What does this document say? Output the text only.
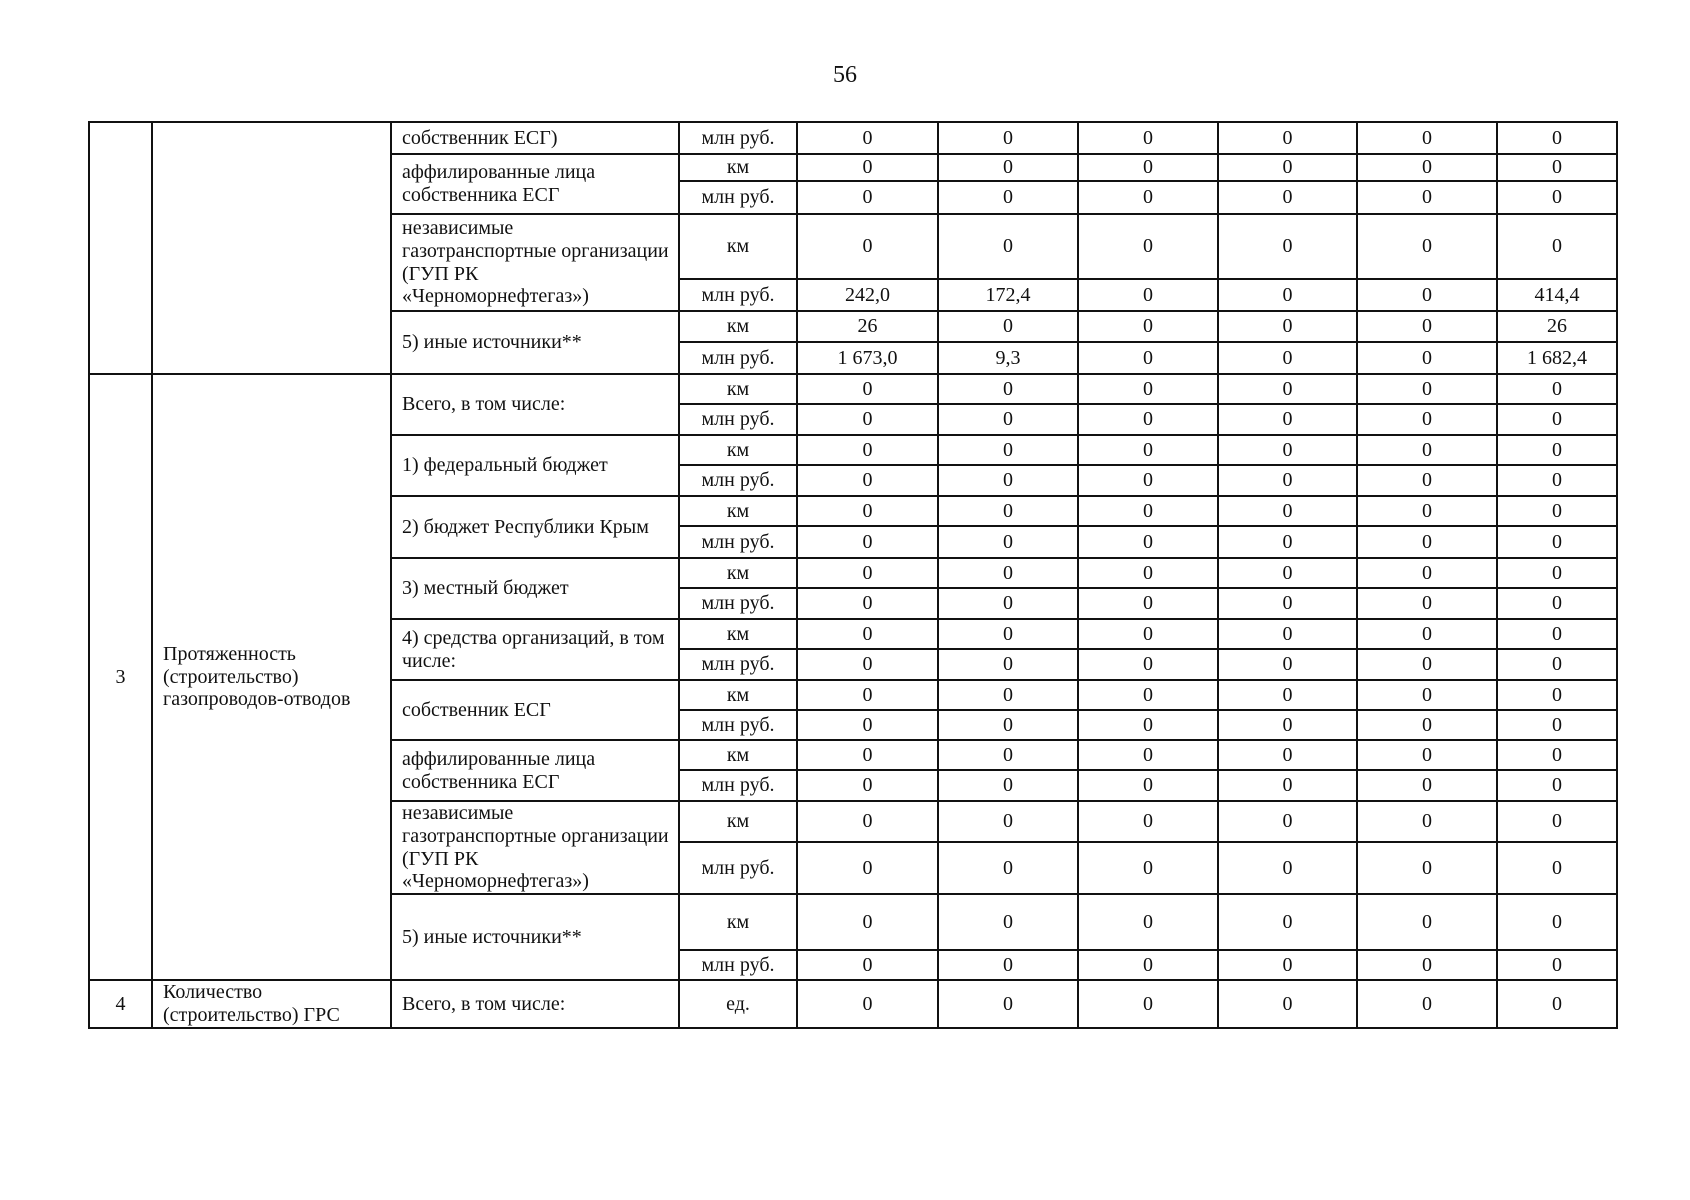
56
		собственник ЕСГ)	млн руб.	0	0	0	0	0	0
		аффилированные лица собственника ЕСГ	км	0	0	0	0	0	0
			млн руб.	0	0	0	0	0	0
		независимые газотранспортные организации (ГУП РК «Черноморнефтегаз»)	км	0	0	0	0	0	0
			млн руб.	242,0	172,4	0	0	0	414,4
		5) иные источники**	км	26	0	0	0	0	26
			млн руб.	1 673,0	9,3	0	0	0	1 682,4
3	Протяженность (строительство) газопроводов-отводов	Всего, в том числе:	км	0	0	0	0	0	0
			млн руб.	0	0	0	0	0	0
		1) федеральный бюджет	км	0	0	0	0	0	0
			млн руб.	0	0	0	0	0	0
		2) бюджет Республики Крым	км	0	0	0	0	0	0
			млн руб.	0	0	0	0	0	0
		3) местный бюджет	км	0	0	0	0	0	0
			млн руб.	0	0	0	0	0	0
		4) средства организаций, в том числе:	км	0	0	0	0	0	0
			млн руб.	0	0	0	0	0	0
		собственник ЕСГ	км	0	0	0	0	0	0
			млн руб.	0	0	0	0	0	0
		аффилированные лица собственника ЕСГ	км	0	0	0	0	0	0
			млн руб.	0	0	0	0	0	0
		независимые газотранспортные организации (ГУП РК «Черноморнефтегаз»)	км	0	0	0	0	0	0
			млн руб.	0	0	0	0	0	0
		5) иные источники**	км	0	0	0	0	0	0
			млн руб.	0	0	0	0	0	0
4	Количество (строительство) ГРС	Всего, в том числе:	ед.	0	0	0	0	0	0
